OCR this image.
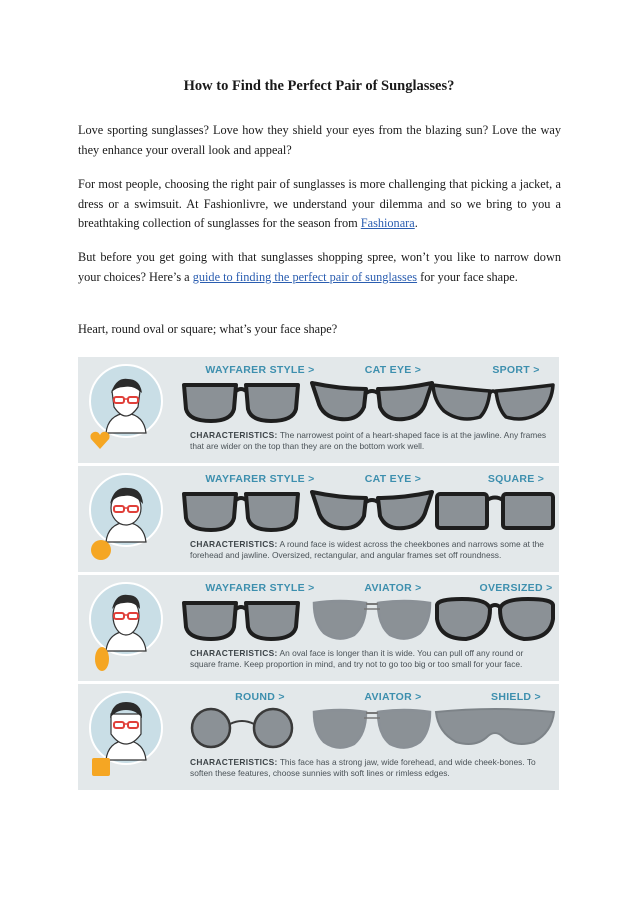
How to Find the Perfect Pair of Sunglasses?

Love sporting sunglasses? Love how they shield your eyes from the blazing sun? Love the way they enhance your overall look and appeal?

For most people, choosing the right pair of sunglasses is more challenging that picking a jacket, a dress or a swimsuit. At Fashionlivre, we understand your dilemma and so we bring to you a breathtaking collection of sunglasses for the season from Fashionara.

But before you get going with that sunglasses shopping spree, won’t you like to narrow down your choices? Here’s a guide to finding the perfect pair of sunglasses for your face shape.

Heart, round oval or square; what’s your face shape?

WAYFARER STYLE >	CAT EYE >	SPORT >
CHARACTERISTICS: The narrowest point of a heart-shaped face is at the jawline. Any frames that are wider on the top than they are on the bottom work well.
WAYFARER STYLE >	CAT EYE >	SQUARE >
CHARACTERISTICS: A round face is widest across the cheekbones and narrows some at the forehead and jawline. Oversized, rectangular, and angular frames set off roundness.
WAYFARER STYLE >	AVIATOR >	OVERSIZED >
CHARACTERISTICS: An oval face is longer than it is wide. You can pull off any round or square frame. Keep proportion in mind, and try not to go too big or too small for your face.
ROUND >	AVIATOR >	SHIELD >
CHARACTERISTICS: This face has a strong jaw, wide forehead, and wide cheek-bones. To soften these features, choose sunnies with soft lines or rimless edges.
